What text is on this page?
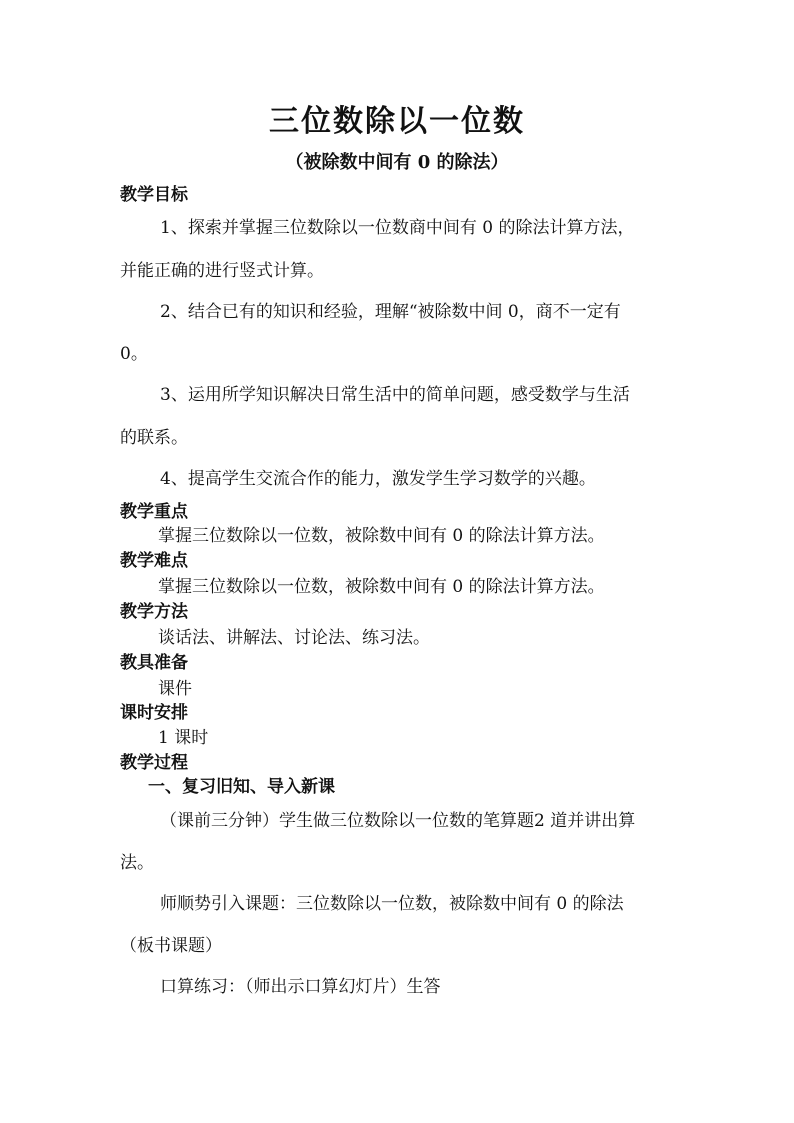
三位数除以一位数
（被除数中间有 0 的除法）
教学目标
1、探索并掌握三位数除以一位数商中间有 0 的除法计算方法，
并能正确的进行竖式计算。
2、结合已有的知识和经验，理解“被除数中间 0，商不一定有
0。
3、运用所学知识解决日常生活中的简单问题，感受数学与生活
的联系。
4、提高学生交流合作的能力，激发学生学习数学的兴趣。
教学重点
掌握三位数除以一位数，被除数中间有 0 的除法计算方法。
教学难点
掌握三位数除以一位数，被除数中间有 0 的除法计算方法。
教学方法
谈话法、讲解法、讨论法、练习法。
教具准备
课件
课时安排
1 课时
教学过程
一、复习旧知、导入新课
（课前三分钟）学生做三位数除以一位数的笔算题2 道并讲出算
法。
师顺势引入课题：三位数除以一位数，被除数中间有 0 的除法
（板书课题）
口算练习：（师出示口算幻灯片）生答
